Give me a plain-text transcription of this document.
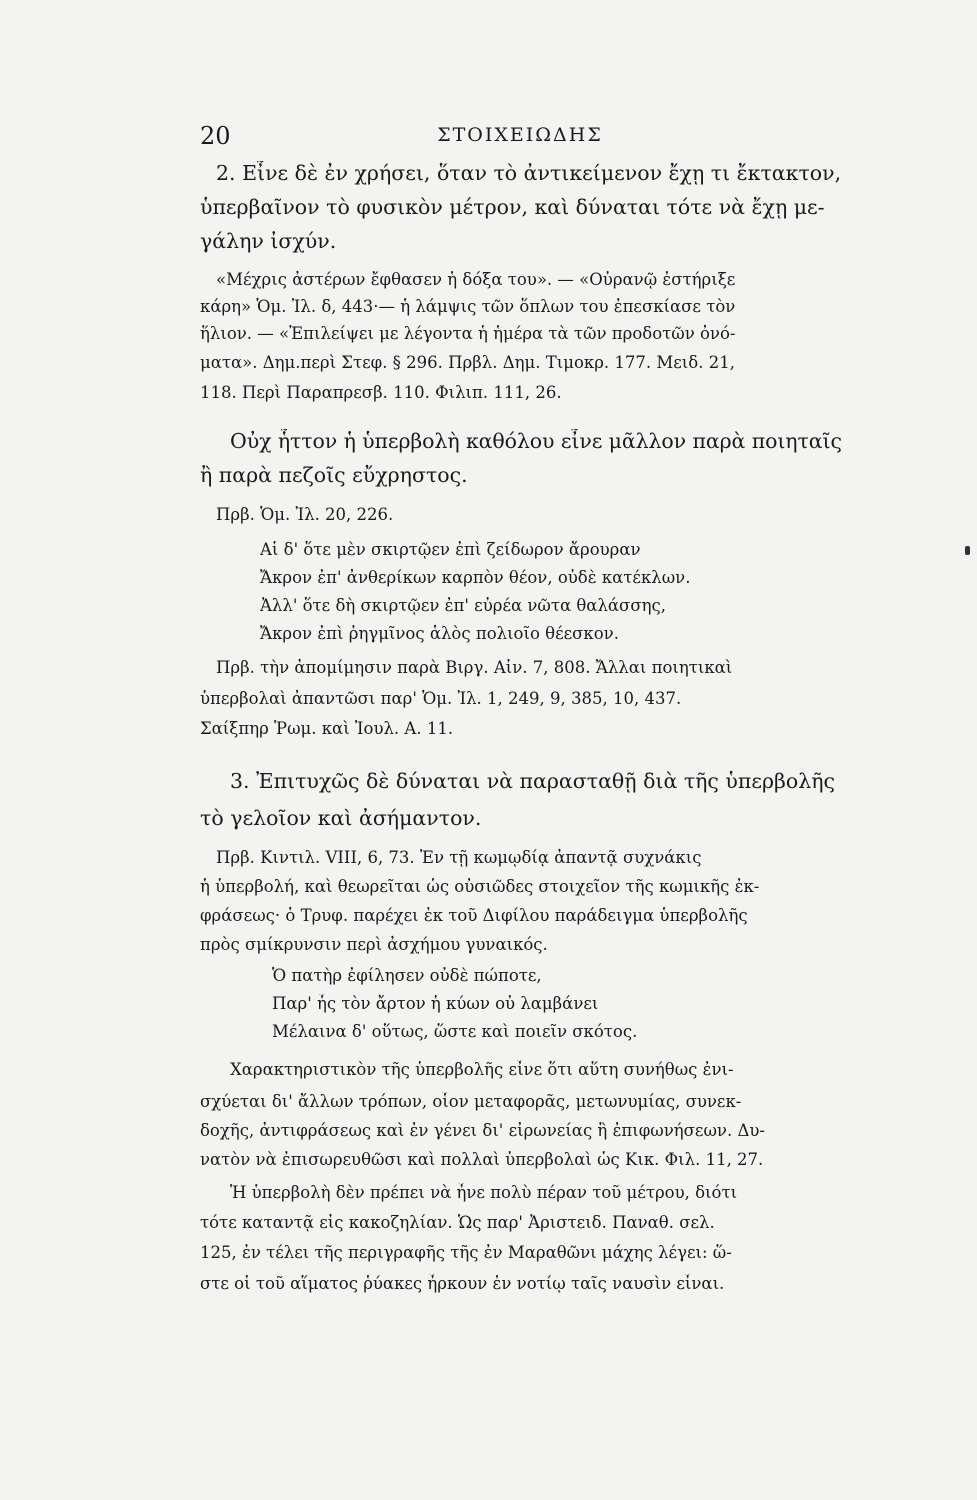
20	ΣΤΟΙΧΕΙΩΔΗΣ
2. Εἶνε δὲ ἐν χρήσει, ὅταν τὸ ἀντικείμενον ἔχῃ τι ἔκτακτον,
ὑπερβαῖνον τὸ φυσικὸν μέτρον, καὶ δύναται τότε νὰ ἔχῃ με-
γάλην ἰσχύν.
«Μέχρις ἀστέρων ἔφθασεν ἡ δόξα του». — «Οὐρανῷ ἐστήριξε
κάρη» Ὁμ. Ἰλ. δ, 443·— ἡ λάμψις τῶν ὅπλων του ἐπεσκίασε τὸν
ἥλιον. — «Ἐπιλείψει με λέγοντα ἡ ἡμέρα τὰ τῶν προδοτῶν ὀνό-
ματα». Δημ.περὶ Στεφ. § 296. Πρβλ. Δημ. Τιμοκρ. 177. Μειδ. 21,
118. Περὶ Παραπρεσβ. 110. Φιλιπ. 111, 26.
Οὐχ ἧττον ἡ ὑπερβολὴ καθόλου εἶνε μᾶλλον παρὰ ποιηταῖς
ἢ παρὰ πεζοῖς εὔχρηστος.
Πρβ. Ὁμ. Ἰλ. 20, 226.
Αἱ δ' ὅτε μὲν σκιρτῷεν ἐπὶ ζείδωρον ἄρουραν
Ἄκρον ἐπ' ἀνθερίκων καρπὸν θέον, οὐδὲ κατέκλων.
Ἀλλ' ὅτε δὴ σκιρτῷεν ἐπ' εὐρέα νῶτα θαλάσσης,
Ἄκρον ἐπὶ ῥηγμῖνος ἁλὸς πολιοῖο θέεσκον.
Πρβ. τὴν ἀπομίμησιν παρὰ Βιργ. Αἰν. 7, 808. Ἄλλαι ποιητικαὶ
ὑπερβολαὶ ἀπαντῶσι παρ' Ὁμ. Ἰλ. 1, 249, 9, 385, 10, 437.
Σαίξπηρ Ῥωμ. καὶ Ἰουλ. Α. 11.
3. Ἐπιτυχῶς δὲ δύναται νὰ παρασταθῇ διὰ τῆς ὑπερβολῆς
τὸ γελοῖον καὶ ἀσήμαντον.
Πρβ. Κιντιλ. VIII, 6, 73. Ἐν τῇ κωμῳδίᾳ ἀπαντᾷ συχνάκις
ἡ ὑπερβολή, καὶ θεωρεῖται ὡς οὐσιῶδες στοιχεῖον τῆς κωμικῆς ἐκ-
φράσεως· ὁ Τρυφ. παρέχει ἐκ τοῦ Διφίλου παράδειγμα ὑπερβολῆς
πρὸς σμίκρυνσιν περὶ ἀσχήμου γυναικός.
Ὁ πατὴρ ἐφίλησεν οὐδὲ πώποτε,
Παρ' ἧς τὸν ἄρτον ἡ κύων οὐ λαμβάνει
Μέλαινα δ' οὕτως, ὥστε καὶ ποιεῖν σκότος.
Χαρακτηριστικὸν τῆς ὑπερβολῆς εἶνε ὅτι αὕτη συνήθως ἐνι-
σχύεται δι' ἄλλων τρόπων, οἷον μεταφορᾶς, μετωνυμίας, συνεκ-
δοχῆς, ἀντιφράσεως καὶ ἐν γένει δι' εἰρωνείας ἢ ἐπιφωνήσεων. Δυ-
νατὸν νὰ ἐπισωρευθῶσι καὶ πολλαὶ ὑπερβολαὶ ὡς Κικ. Φιλ. 11, 27.
Ἡ ὑπερβολὴ δὲν πρέπει νὰ ἦνε πολὺ πέραν τοῦ μέτρου, διότι
τότε καταντᾷ εἰς κακοζηλίαν. Ὡς παρ' Ἀριστειδ. Παναθ. σελ.
125, ἐν τέλει τῆς περιγραφῆς τῆς ἐν Μαραθῶνι μάχης λέγει: ὥ-
στε οἱ τοῦ αἵματος ῥύακες ἦρκουν ἐν νοτίῳ ταῖς ναυσὶν εἶναι.
